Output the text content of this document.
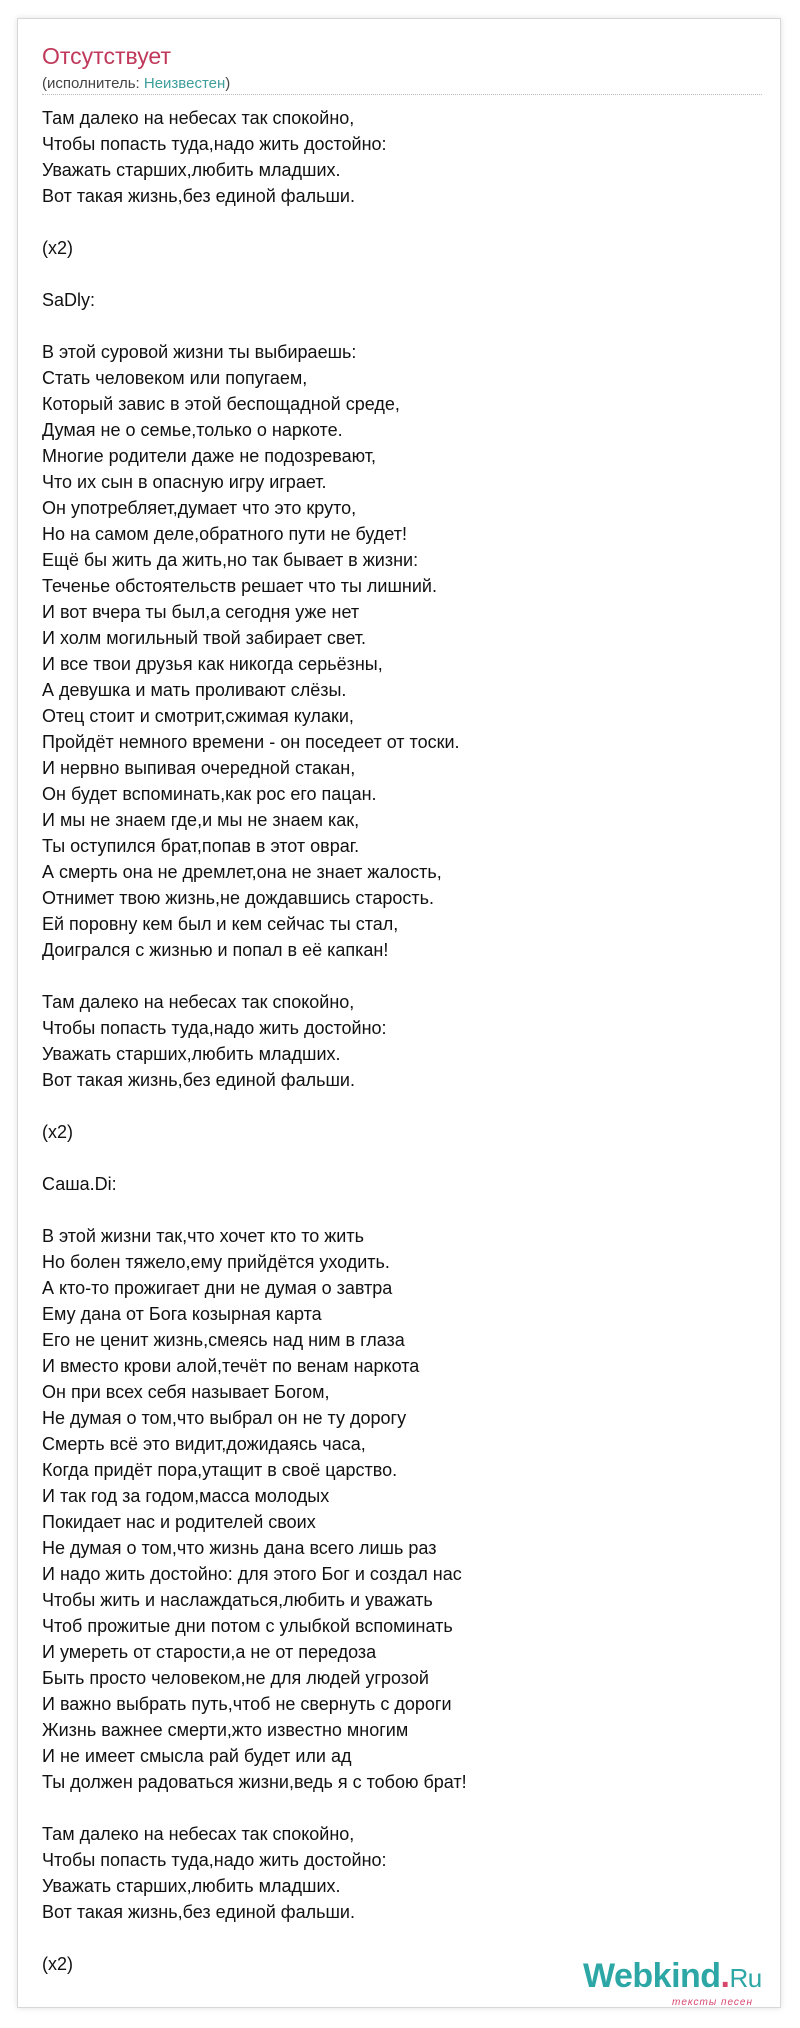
Отсутствует
(исполнитель: Неизвестен)
Там далеко на небесах так спокойно,
Чтобы попасть туда,надо жить достойно:
Уважать старших,любить младших.
Вот такая жизнь,без единой фальши.
(x2)
SaDly:
В этой суровой жизни ты выбираешь:
Стать человеком или попугаем,
Который завис в этой беспощадной среде,
Думая не о семье,только о наркоте.
Многие родители даже не подозревают,
Что их сын в опасную игру играет.
Он употребляет,думает что это круто,
Но на самом деле,обратного пути не будет!
Ещё бы жить да жить,но так бывает в жизни:
Теченье обстоятельств решает что ты лишний.
И вот вчера ты был,а сегодня уже нет
И холм могильный твой забирает свет.
И все твои друзья как никогда серьёзны,
А девушка и мать проливают слёзы.
Отец стоит и смотрит,сжимая кулаки,
Пройдёт немного времени - он поседеет от тоски.
И нервно выпивая очередной стакан,
Он будет вспоминать,как рос его пацан.
И мы не знаем где,и мы не знаем как,
Ты оступился брат,попав в этот овраг.
А смерть она не дремлет,она не знает жалость,
Отнимет твою жизнь,не дождавшись старость.
Ей поровну кем был и кем сейчас ты стал,
Доигрался с жизнью и попал в её капкан!
Там далеко на небесах так спокойно,
Чтобы попасть туда,надо жить достойно:
Уважать старших,любить младших.
Вот такая жизнь,без единой фальши.
(x2)
Саша.Di:
В этой жизни так,что хочет кто то жить
Но болен тяжело,ему прийдётся уходить.
А кто-то прожигает дни не думая о завтра
Ему дана от Бога козырная карта
Его не ценит жизнь,смеясь над ним в глаза
И вместо крови алой,течёт по венам наркота
Он при всех себя называет Богом,
Не думая о том,что выбрал он не ту дорогу
Смерть всё это видит,дожидаясь часа,
Когда придёт пора,утащит в своё царство.
И так год за годом,масса молодых
Покидает нас и родителей своих
Не думая о том,что жизнь дана всего лишь раз
И надо жить достойно: для этого Бог и создал нас
Чтобы жить и наслаждаться,любить и уважать
Чтоб прожитые дни потом с улыбкой вспоминать
И умереть от старости,а не от передоза
Быть просто человеком,не для людей угрозой
И важно выбрать путь,чтоб не свернуть с дороги
Жизнь важнее смерти,жто известно многим
И не имеет смысла рай будет или ад
Ты должен радоваться жизни,ведь я с тобою брат!
Там далеко на небесах так спокойно,
Чтобы попасть туда,надо жить достойно:
Уважать старших,любить младших.
Вот такая жизнь,без единой фальши.
(x2)	Webkind.Ru
тексты песен
